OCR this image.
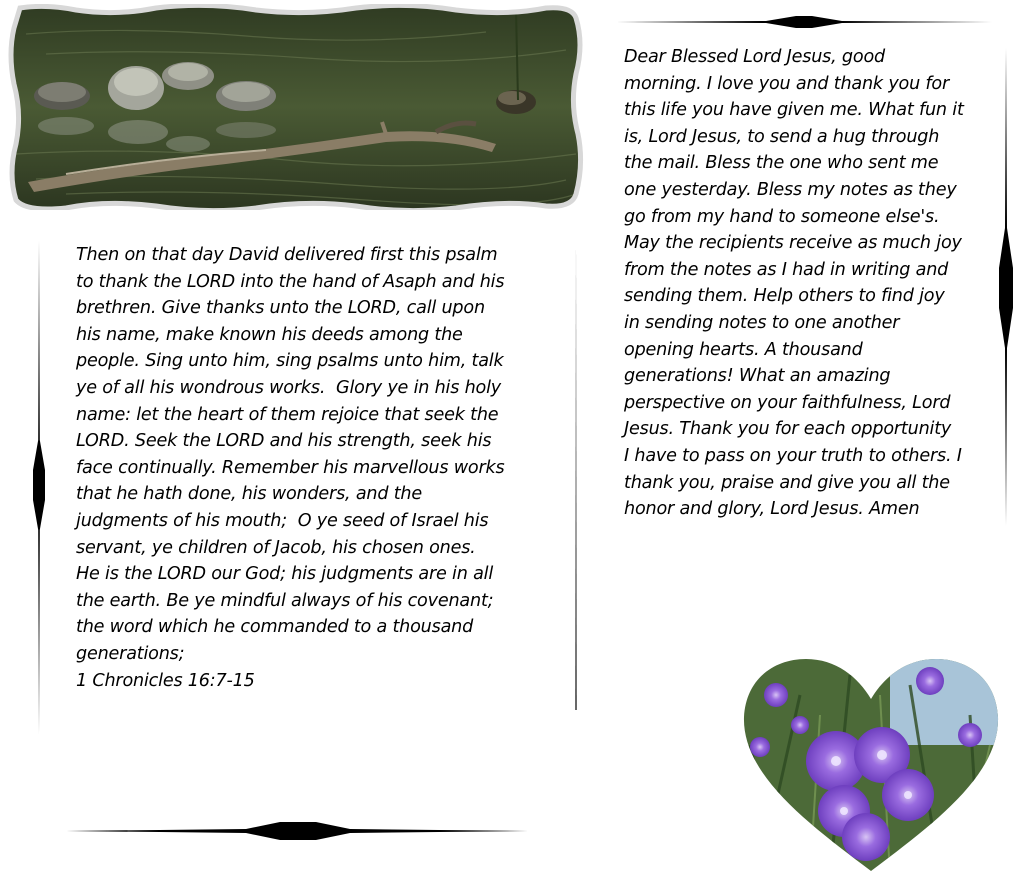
Then on that day David delivered first this psalm
to thank the LORD into the hand of Asaph and his
brethren. Give thanks unto the LORD, call upon
his name, make known his deeds among the
people. Sing unto him, sing psalms unto him, talk
ye of all his wondrous works.  Glory ye in his holy
name: let the heart of them rejoice that seek the
LORD. Seek the LORD and his strength, seek his
face continually. Remember his marvellous works
that he hath done, his wonders, and the
judgments of his mouth;  O ye seed of Israel his
servant, ye children of Jacob, his chosen ones.
He is the LORD our God; his judgments are in all
the earth. Be ye mindful always of his covenant;
the word which he commanded to a thousand
generations;
1 Chronicles 16:7-15
Dear Blessed Lord Jesus, good
morning. I love you and thank you for
this life you have given me. What fun it
is, Lord Jesus, to send a hug through
the mail. Bless the one who sent me
one yesterday. Bless my notes as they
go from my hand to someone else's.
May the recipients receive as much joy
from the notes as I had in writing and
sending them. Help others to find joy
in sending notes to one another
opening hearts. A thousand
generations! What an amazing
perspective on your faithfulness, Lord
Jesus. Thank you for each opportunity
I have to pass on your truth to others. I
thank you, praise and give you all the
honor and glory, Lord Jesus. Amen
